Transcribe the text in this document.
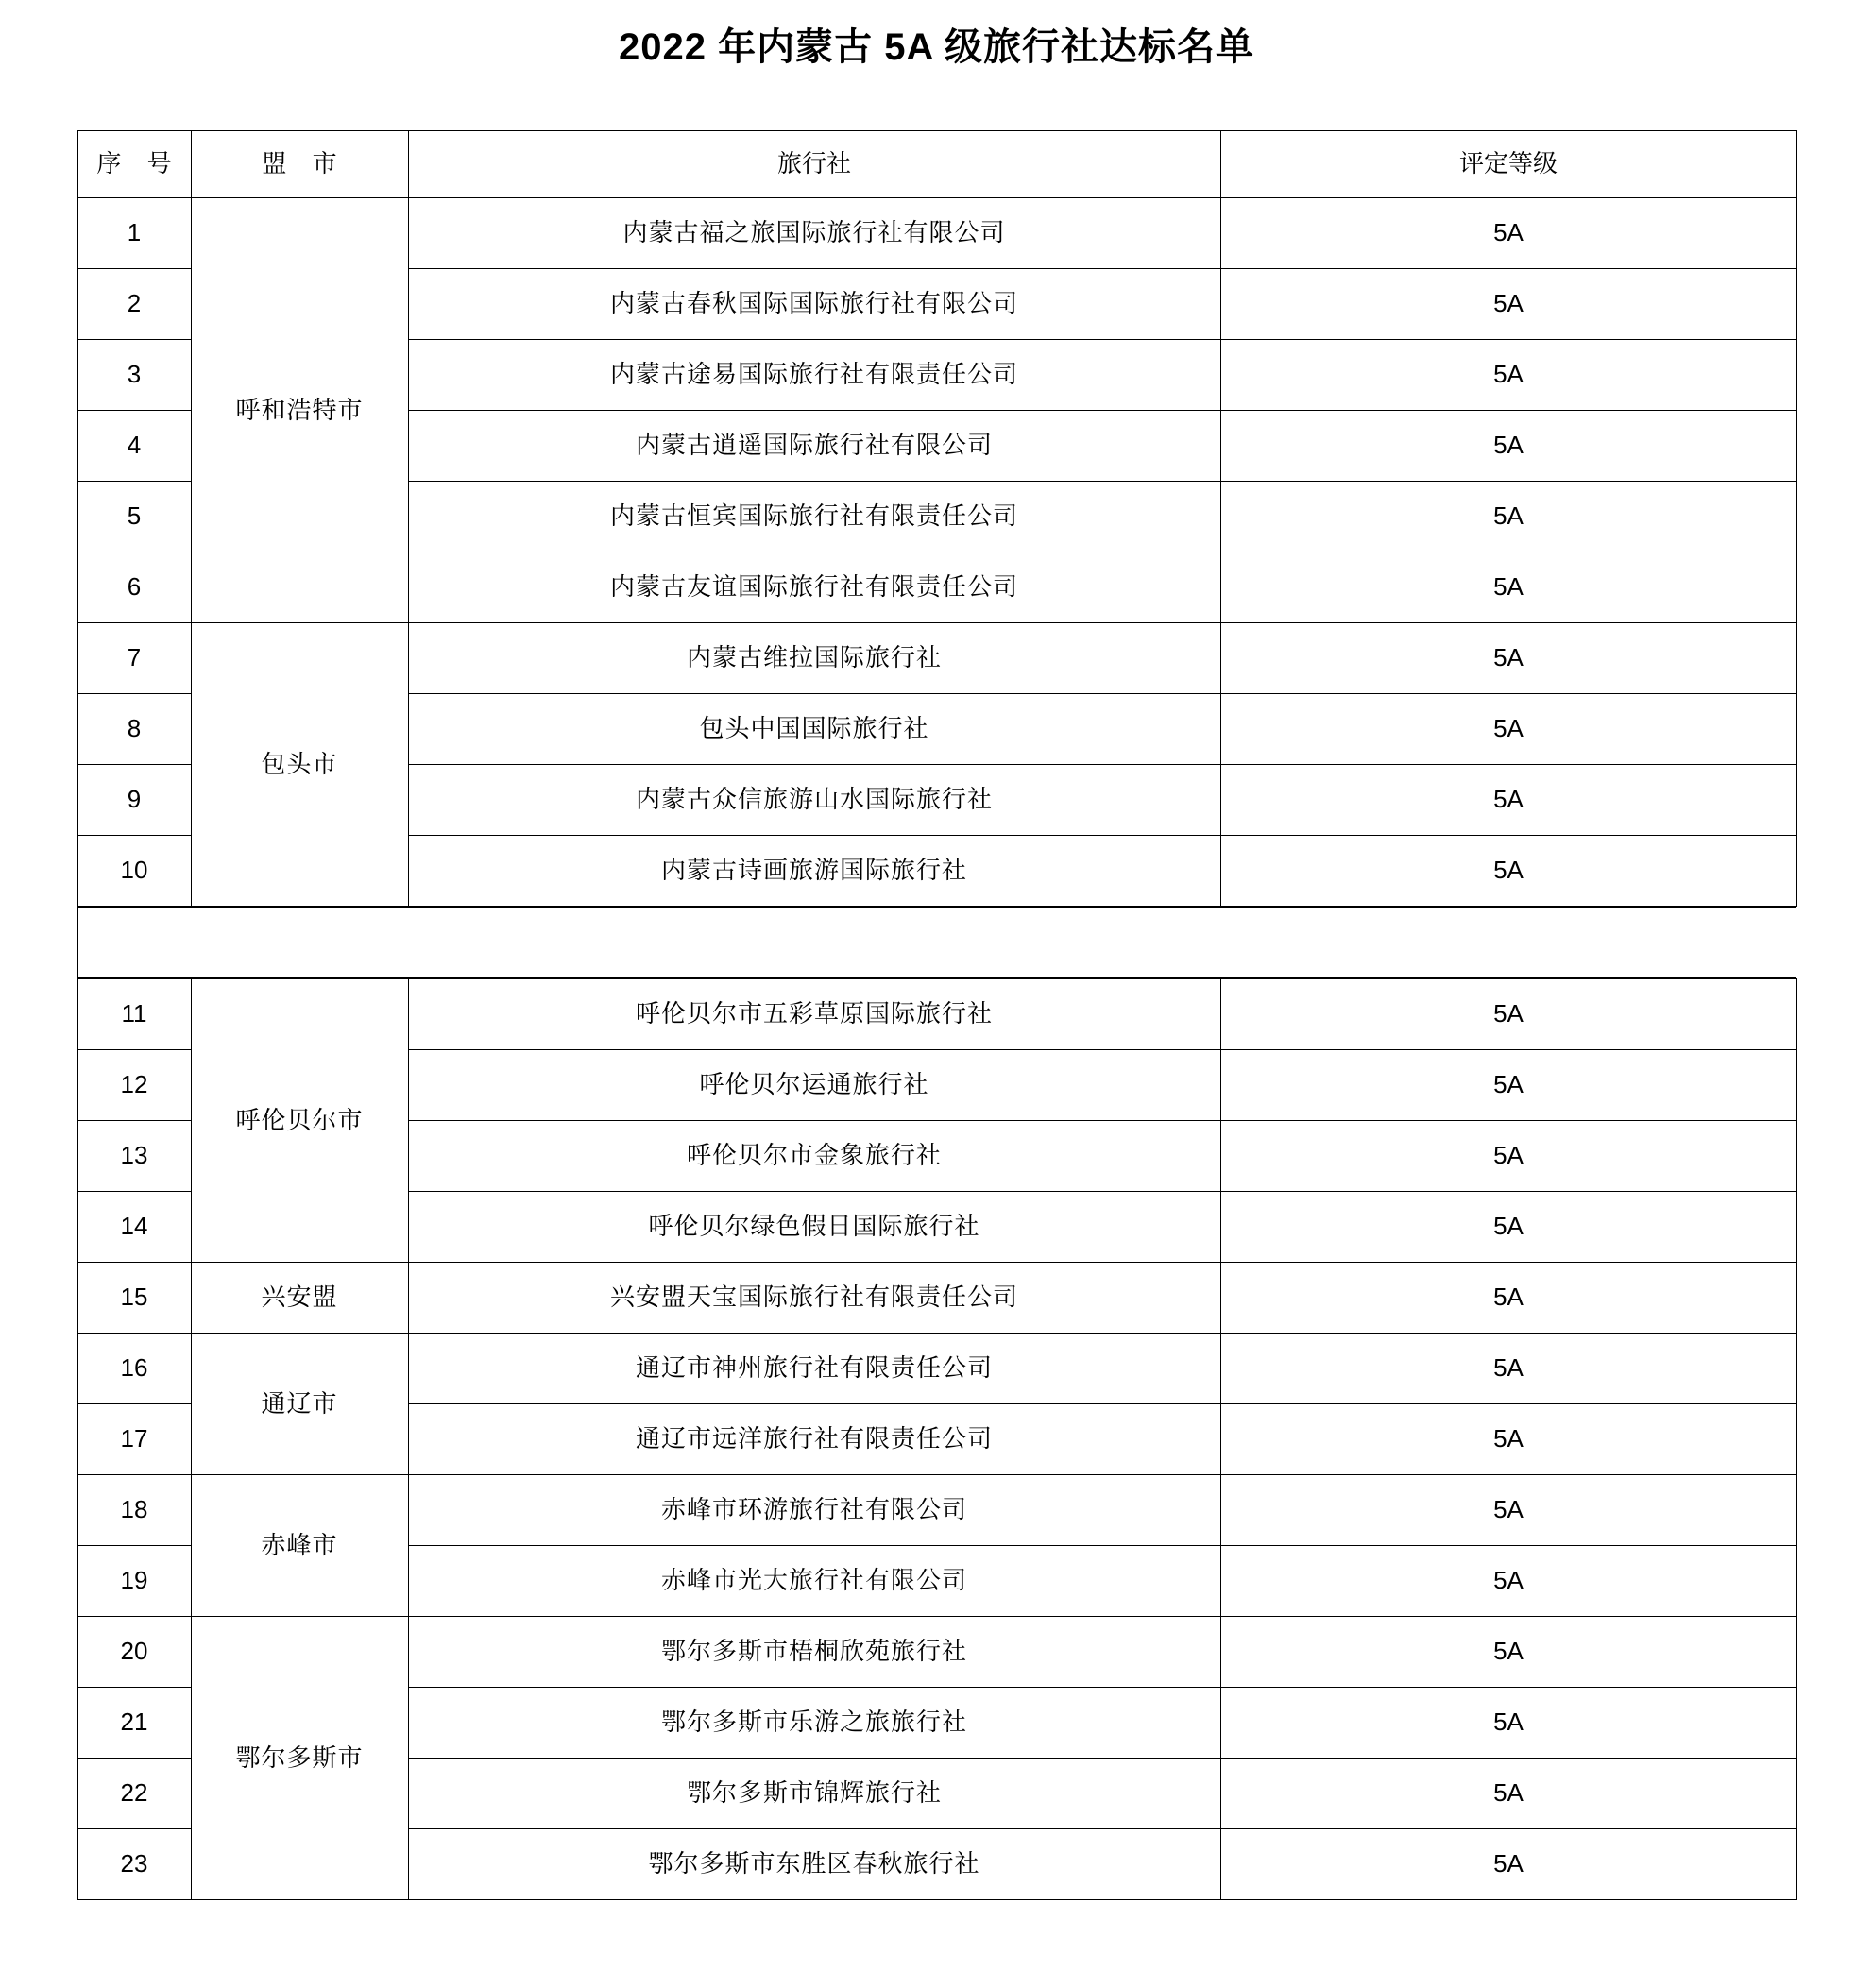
2022 年内蒙古 5A 级旅行社达标名单
序 号	盟 市	旅行社	评定等级
1	呼和浩特市	内蒙古福之旅国际旅行社有限公司	5A
2		内蒙古春秋国际国际旅行社有限公司	5A
3		内蒙古途易国际旅行社有限责任公司	5A
4		内蒙古逍遥国际旅行社有限公司	5A
5		内蒙古恒宾国际旅行社有限责任公司	5A
6		内蒙古友谊国际旅行社有限责任公司	5A
7	包头市	内蒙古维拉国际旅行社	5A
8		包头中国国际旅行社	5A
9		内蒙古众信旅游山水国际旅行社	5A
10		内蒙古诗画旅游国际旅行社	5A
11	呼伦贝尔市	呼伦贝尔市五彩草原国际旅行社	5A
12		呼伦贝尔运通旅行社	5A
13		呼伦贝尔市金象旅行社	5A
14		呼伦贝尔绿色假日国际旅行社	5A
15	兴安盟	兴安盟天宝国际旅行社有限责任公司	5A
16	通辽市	通辽市神州旅行社有限责任公司	5A
17		通辽市远洋旅行社有限责任公司	5A
18	赤峰市	赤峰市环游旅行社有限公司	5A
19		赤峰市光大旅行社有限公司	5A
20	鄂尔多斯市	鄂尔多斯市梧桐欣苑旅行社	5A
21		鄂尔多斯市乐游之旅旅行社	5A
22		鄂尔多斯市锦辉旅行社	5A
23		鄂尔多斯市东胜区春秋旅行社	5A
